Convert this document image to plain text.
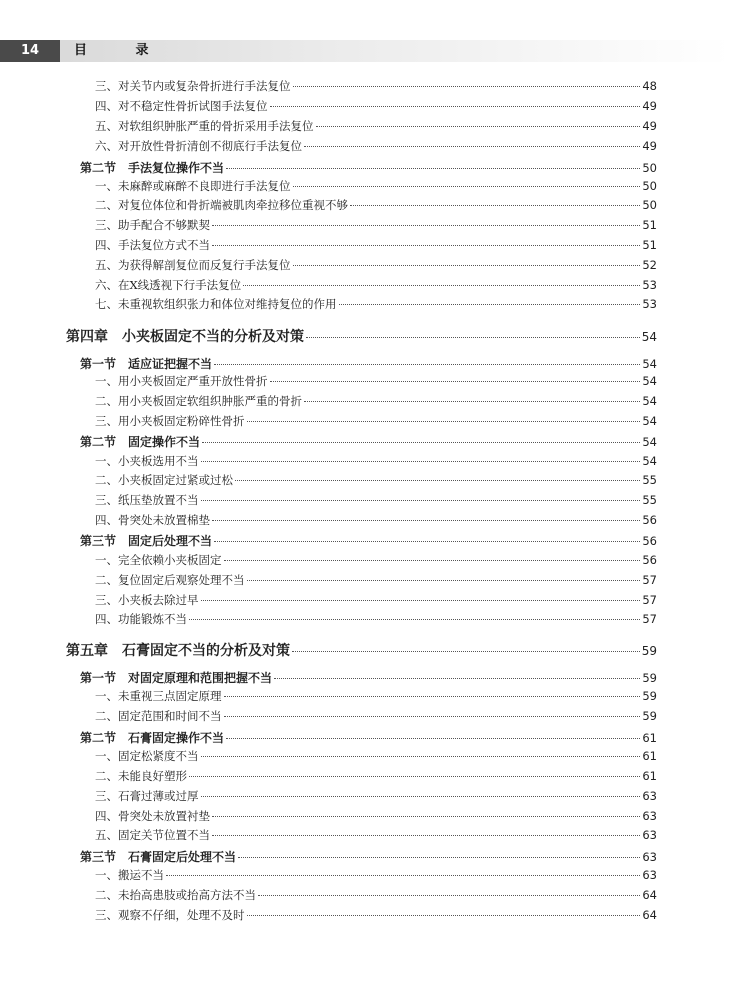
14	目 录
三、对关节内或复杂骨折进行手法复位	48
四、对不稳定性骨折试图手法复位	49
五、对软组织肿胀严重的骨折采用手法复位	49
六、对开放性骨折清创不彻底行手法复位	49
第二节　手法复位操作不当	50
一、未麻醉或麻醉不良即进行手法复位	50
二、对复位体位和骨折端被肌肉牵拉移位重视不够	50
三、助手配合不够默契	51
四、手法复位方式不当	51
五、为获得解剖复位而反复行手法复位	52
六、在X线透视下行手法复位	53
七、未重视软组织张力和体位对维持复位的作用	53
第四章　小夹板固定不当的分析及对策	54
第一节　适应证把握不当	54
一、用小夹板固定严重开放性骨折	54
二、用小夹板固定软组织肿胀严重的骨折	54
三、用小夹板固定粉碎性骨折	54
第二节　固定操作不当	54
一、小夹板选用不当	54
二、小夹板固定过紧或过松	55
三、纸压垫放置不当	55
四、骨突处未放置棉垫	56
第三节　固定后处理不当	56
一、完全依赖小夹板固定	56
二、复位固定后观察处理不当	57
三、小夹板去除过早	57
四、功能锻炼不当	57
第五章　石膏固定不当的分析及对策	59
第一节　对固定原理和范围把握不当	59
一、未重视三点固定原理	59
二、固定范围和时间不当	59
第二节　石膏固定操作不当	61
一、固定松紧度不当	61
二、未能良好塑形	61
三、石膏过薄或过厚	63
四、骨突处未放置衬垫	63
五、固定关节位置不当	63
第三节　石膏固定后处理不当	63
一、搬运不当	63
二、未抬高患肢或抬高方法不当	64
三、观察不仔细，处理不及时	64
